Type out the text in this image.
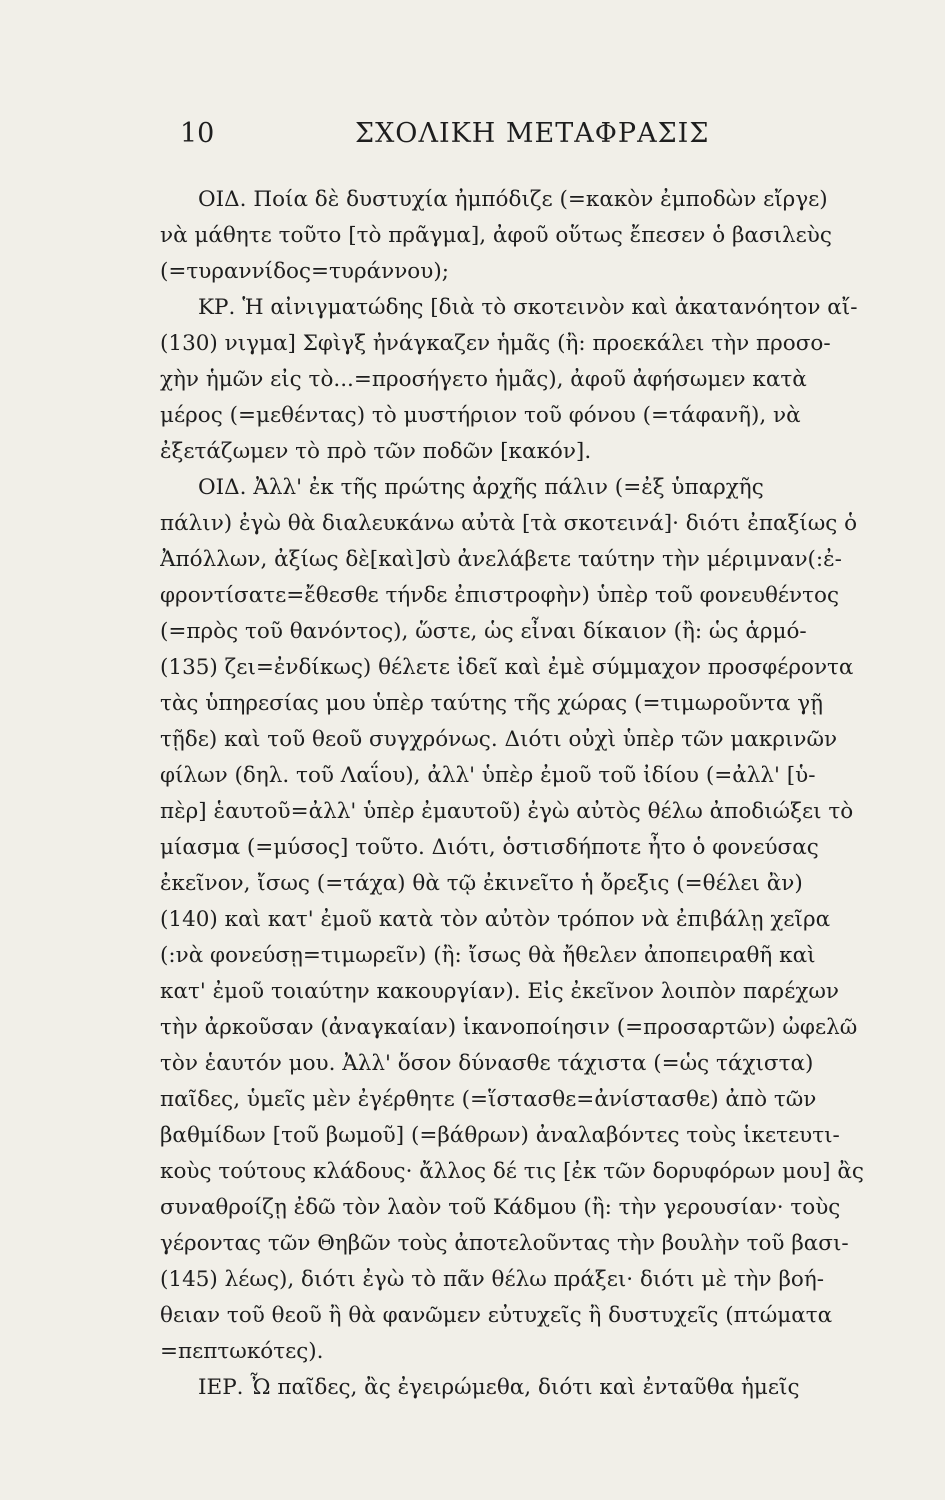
10	ΣΧΟΛΙΚΗ ΜΕΤΑΦΡΑΣΙΣ
ΟΙΔ. Ποία δὲ δυστυχία ἠμπόδιζε (=κακὸν ἐμποδὼν εἴργε)
νὰ μάθητε τοῦτο [τὸ πρᾶγμα], ἀφοῦ οὕτως ἔπεσεν ὁ βασιλεὺς
(=τυραννίδος=τυράννου);
ΚΡ. Ἡ αἰνιγματώδης [διὰ τὸ σκοτεινὸν καὶ ἀκατανόητον αἴ-
(130) νιγμα] Σφὶγξ ἠνάγκαζεν ἡμᾶς (ἢ: προεκάλει τὴν προσο-
χὴν ἡμῶν εἰς τὸ...=προσήγετο ἡμᾶς), ἀφοῦ ἀφήσωμεν κατὰ
μέρος (=μεθέντας) τὸ μυστήριον τοῦ φόνου (=τάφανῆ), νὰ
ἐξετάζωμεν τὸ πρὸ τῶν ποδῶν [κακόν].
ΟΙΔ. Ἀλλ' ἐκ τῆς πρώτης ἀρχῆς πάλιν (=ἐξ ὑπαρχῆς
πάλιν) ἐγὼ θὰ διαλευκάνω αὐτὰ [τὰ σκοτεινά]· διότι ἐπαξίως ὁ
Ἀπόλλων, ἀξίως δὲ[καὶ]σὺ ἀνελάβετε ταύτην τὴν μέριμναν(:ἐ-
φροντίσατε=ἔθεσθε τήνδε ἐπιστροφὴν) ὑπὲρ τοῦ φονευθέντος
(=πρὸς τοῦ θανόντος), ὥστε, ὡς εἶναι δίκαιον (ἢ: ὡς ἁρμό-
(135) ζει=ἐνδίκως) θέλετε ἰδεῖ καὶ ἐμὲ σύμμαχον προσφέροντα
τὰς ὑπηρεσίας μου ὑπὲρ ταύτης τῆς χώρας (=τιμωροῦντα γῇ
τῇδε) καὶ τοῦ θεοῦ συγχρόνως. Διότι οὐχὶ ὑπὲρ τῶν μακρινῶν
φίλων (δηλ. τοῦ Λαΐου), ἀλλ' ὑπὲρ ἐμοῦ τοῦ ἰδίου (=ἀλλ' [ὑ-
πὲρ] ἑαυτοῦ=ἀλλ' ὑπὲρ ἐμαυτοῦ) ἐγὼ αὐτὸς θέλω ἀποδιώξει τὸ
μίασμα (=μύσος] τοῦτο. Διότι, ὁστισδήποτε ἦτο ὁ φονεύσας
ἐκεῖνον, ἴσως (=τάχα) θὰ τῷ ἐκινεῖτο ἡ ὄρεξις (=θέλει ἂν)
(140) καὶ κατ' ἐμοῦ κατὰ τὸν αὐτὸν τρόπον νὰ ἐπιβάλῃ χεῖρα
(:νὰ φονεύσῃ=τιμωρεῖν) (ἢ: ἴσως θὰ ἤθελεν ἀποπειραθῆ καὶ
κατ' ἐμοῦ τοιαύτην κακουργίαν). Εἰς ἐκεῖνον λοιπὸν παρέχων
τὴν ἀρκοῦσαν (ἀναγκαίαν) ἱκανοποίησιν (=προσαρτῶν) ὠφελῶ
τὸν ἑαυτόν μου. Ἀλλ' ὅσον δύνασθε τάχιστα (=ὡς τάχιστα)
παῖδες, ὑμεῖς μὲν ἐγέρθητε (=ἵστασθε=ἀνίστασθε) ἀπὸ τῶν
βαθμίδων [τοῦ βωμοῦ] (=βάθρων) ἀναλαβόντες τοὺς ἱκετευτι-
κοὺς τούτους κλάδους· ἄλλος δέ τις [ἐκ τῶν δορυφόρων μου] ἂς
συναθροίζῃ ἐδῶ τὸν λαὸν τοῦ Κάδμου (ἢ: τὴν γερουσίαν· τοὺς
γέροντας τῶν Θηβῶν τοὺς ἀποτελοῦντας τὴν βουλὴν τοῦ βασι-
(145) λέως), διότι ἐγὼ τὸ πᾶν θέλω πράξει· διότι μὲ τὴν βοή-
θειαν τοῦ θεοῦ ἢ θὰ φανῶμεν εὐτυχεῖς ἢ δυστυχεῖς (πτώματα
=πεπτωκότες).
ΙΕΡ. Ὦ παῖδες, ἂς ἐγειρώμεθα, διότι καὶ ἐνταῦθα ἡμεῖς
